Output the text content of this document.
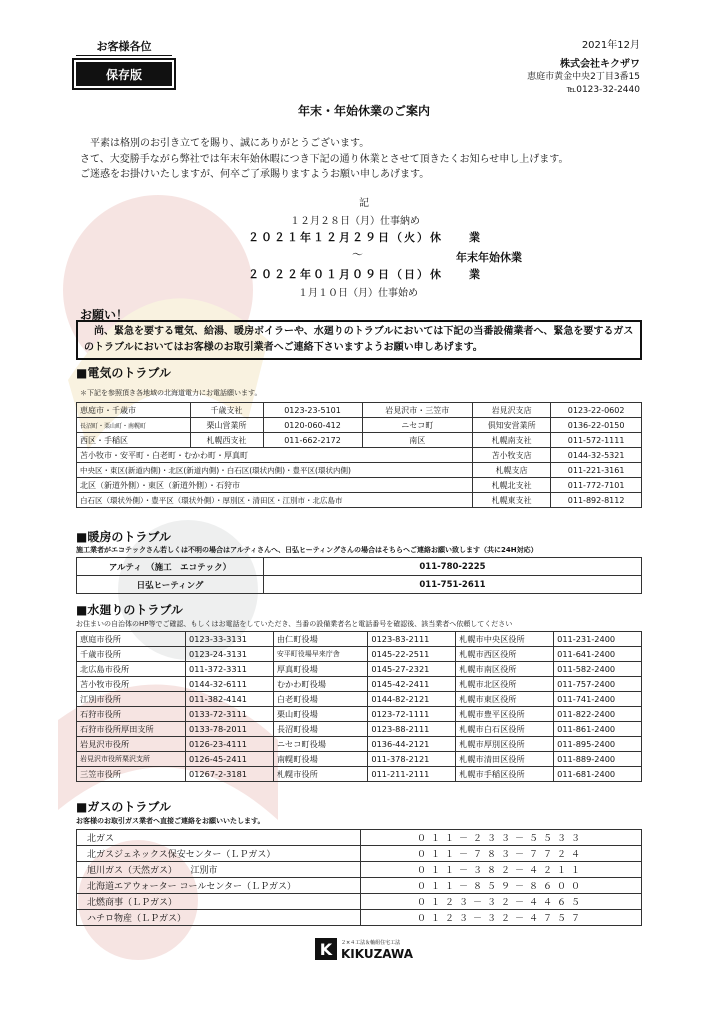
お客様各位
保存版
2021年12月
株式会社キクザワ
恵庭市黄金中央2丁目3番15
℡0123-32-2440
年末・年始休業のご案内
　平素は格別のお引き立てを賜り、誠にありがとうございます。
さて、大変勝手ながら弊社では年末年始休暇につき下記の通り休業とさせて頂きたくお知らせ申し上げます。
ご迷惑をお掛けいたしますが、何卒ご了承賜りますようお願い申しあげます。
記
１２月２８日（月）仕事納め
２０２１年１２月２９日（火）休　　業
～	年末年始休業
２０２２年０１月０９日（日）休　　業
１月１０日（月）仕事始め
お願い！
　尚、緊急を要する電気、給湯、暖房ボイラーや、水廻りのトラブルにおいては下記の当番設備業者へ、緊急を要するガスのトラブルにおいてはお客様のお取引業者へご連絡下さいますようお願い申しあげます。
■電気のトラブル
＊下記を参照頂き各地域の北海道電力にお電話願います。
恵庭市・千歳市	千歳支社	0123-23-5101	岩見沢市・三笠市	岩見沢支店	0123-22-0602
長沼町・栗山町・南幌町	栗山営業所	0120-060-412	ニセコ町	倶知安営業所	0136-22-0150
西区・手稲区	札幌西支社	011-662-2172	南区	札幌南支社	011-572-1111
苫小牧市・安平町・白老町・むかわ町・厚真町				苫小牧支店	0144-32-5321
中央区・東区(新道内側)・北区(新道内側)・白石区(環状内側)・豊平区(環状内側)				札幌支店	011-221-3161
北区（新道外側）・東区（新道外側）・石狩市				札幌北支社	011-772-7101
白石区（環状外側）・豊平区（環状外側）・厚別区・清田区・江別市・北広島市				札幌東支社	011-892-8112
■暖房のトラブル
施工業者がエコテックさん若しくは不明の場合はアルティさんへ、日弘ヒーティングさんの場合はそちらへご連絡お願い致します（共に24H対応）
アルティ　（施工　エコテック）	011-780-2225
日弘ヒーティング	011-751-2611
■水廻りのトラブル
お住まいの自治体のHP等でご確認、もしくはお電話をしていただき、当番の設備業者名と電話番号を確認後、該当業者へ依頼してください
恵庭市役所	0123-33-3131	由仁町役場	0123-83-2111	札幌市中央区役所	011-231-2400
千歳市役所	0123-24-3131	安平町役場早来庁舎	0145-22-2511	札幌市西区役所	011-641-2400
北広島市役所	011-372-3311	厚真町役場	0145-27-2321	札幌市南区役所	011-582-2400
苫小牧市役所	0144-32-6111	むかわ町役場	0145-42-2411	札幌市北区役所	011-757-2400
江別市役所	011-382-4141	白老町役場	0144-82-2121	札幌市東区役所	011-741-2400
石狩市役所	0133-72-3111	栗山町役場	0123-72-1111	札幌市豊平区役所	011-822-2400
石狩市役所厚田支所	0133-78-2011	長沼町役場	0123-88-2111	札幌市白石区役所	011-861-2400
岩見沢市役所	0126-23-4111	ニセコ町役場	0136-44-2121	札幌市厚別区役所	011-895-2400
岩見沢市役所栗沢支所	0126-45-2411	南幌町役場	011-378-2121	札幌市清田区役所	011-889-2400
三笠市役所	01267-2-3181	札幌市役所	011-211-2111	札幌市手稲区役所	011-681-2400
■ガスのトラブル
お客様のお取引ガス業者へ直接ご連絡をお願いいたします。
北ガス	０１１－２３３－５５３３
北ガスジェネックス保安センター（ＬＰガス）	０１１－７８３－７７２４
旭川ガス（天然ガス）　　江別市	０１１－３８２－４２１１
北海道エアウォーター コールセンター（ＬＰガス）	０１１－８５９－８６００
北燃商事（ＬＰガス）	０１２３－３２－４４６５
ハチロ物産（ＬＰガス）	０１２３－３２－４７５７
K	２×４工法＆軸組住宅工法
KIKUZAWA
